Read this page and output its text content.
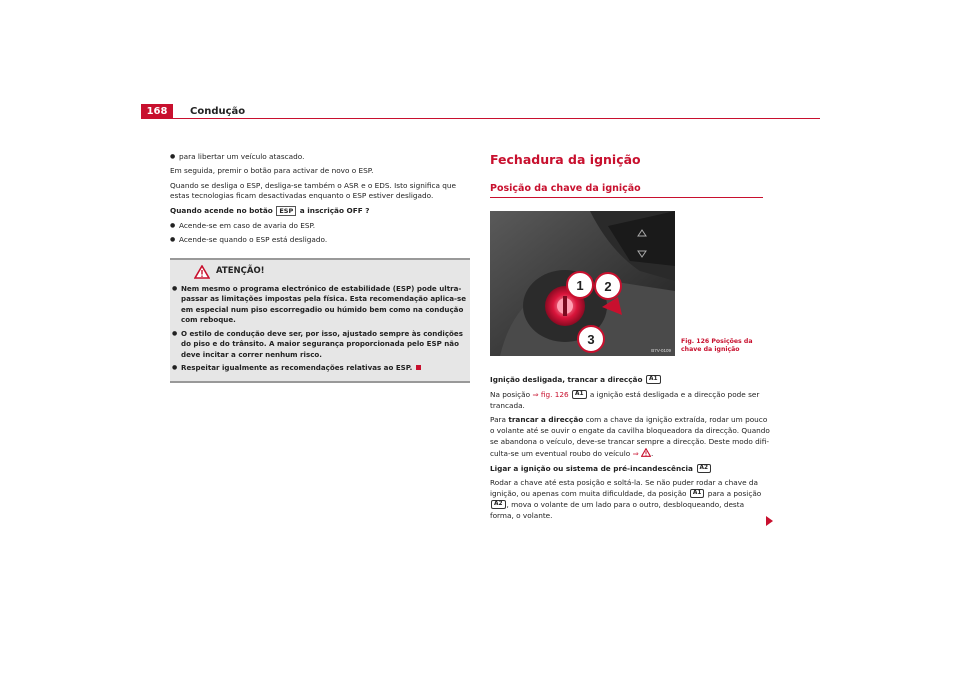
168	Condução
● para libertar um veículo atascado.

Em seguida, premir o botão para activar de novo o ESP.

Quando se desliga o ESP, desliga-se também o ASR e o EDS. Isto significa que estas tecnologias ficam desactivadas enquanto o ESP estiver desligado.

Quando acende no botão ESP a inscrição OFF ?

● Acende-se em caso de avaria do ESP.
● Acende-se quando o ESP está desligado.
ATENÇÃO!
● Nem mesmo o programa electrónico de estabilidade (ESP) pode ultra-passar as limitações impostas pela física. Esta recomendação aplica-se em especial num piso escorregadio ou húmido bem como na condução com reboque.
● O estilo de condução deve ser, por isso, ajustado sempre às condições do piso e do trânsito. A maior segurança proporcionada pelo ESP não deve incitar a correr nenhum risco.
● Respeitar igualmente as recomendações relativas ao ESP.
Fechadura da ignição
Posição da chave da ignição
1 2
3
B7V-0109
Fig. 126 Posições da chave da ignição

Ignição desligada, trancar a direcção A1

Na posição ⇒ fig. 126 A1 a ignição está desligada e a direcção pode ser trancada.

Para trancar a direcção com a chave da ignição extraída, rodar um pouco o volante até se ouvir o engate da cavilha bloqueadora da direcção. Quando se abandona o veículo, deve-se trancar sempre a direcção. Deste modo difi-culta-se um eventual roubo do veículo ⇒ .

Ligar a ignição ou sistema de pré-incandescência A2

Rodar a chave até esta posição e soltá-la. Se não puder rodar a chave da ignição, ou apenas com muita dificuldade, da posição A1 para a posição A2 , mova o volante de um lado para o outro, desbloqueando, desta forma, o volante.
